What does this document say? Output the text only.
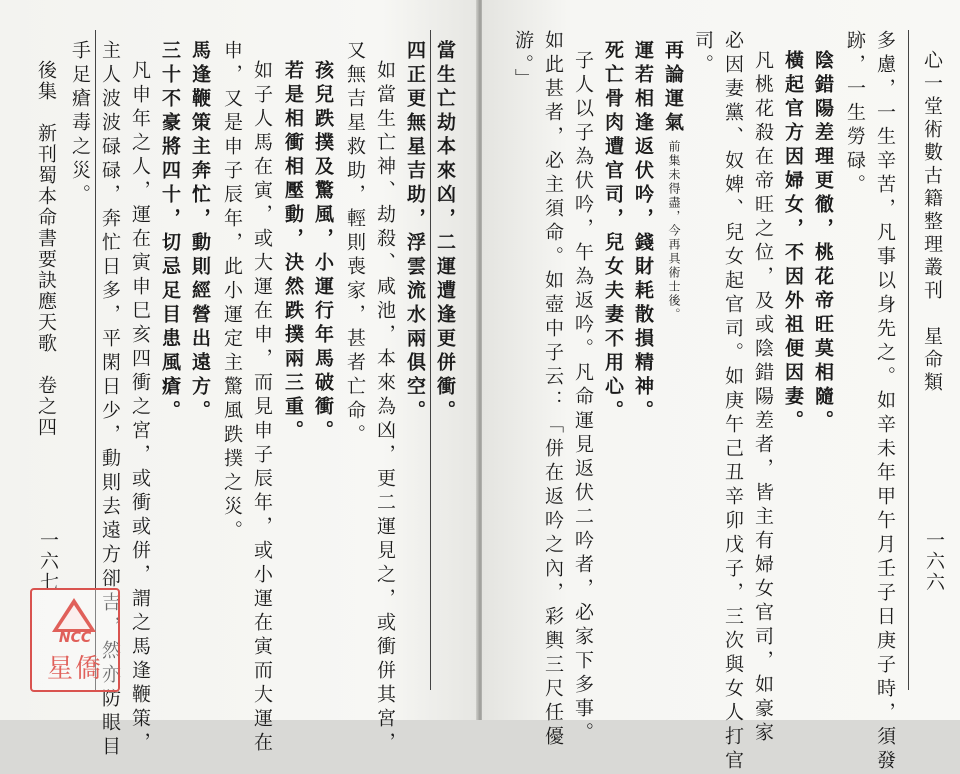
後集　新刊蜀本命書要訣應天歌　卷之四
一六七
當生亡劫本來凶，二運遭逢更併衝。
四正更無星吉助，浮雲流水兩俱空。
如當生亡神、劫殺、咸池，本來為凶，更二運見之，或衝併其宮，
又無吉星救助，輕則喪家，甚者亡命。
孩兒跌撲及驚風，小運行年馬破衝。
若是相衝相壓動，決然跌撲兩三重。
如子人馬在寅，或大運在申，而見申子辰年，或小運在寅而大運在
申，又是申子辰年，此小運定主驚風跌撲之災。
馬逢鞭策主奔忙，動則經營出遠方。
三十不豪將四十，切忌足目患風瘡。
凡申年之人，運在寅申巳亥四衝之宮，或衝或併，謂之馬逢鞭策，
主人波波碌碌，奔忙日多，平閑日少，動則去遠方卻吉，然亦防眼目
手足瘡毒之災。
NCC
星僑
心一堂術數古籍整理叢刊　星命類
一六六
多慮，一生辛苦，凡事以身先之。如辛未年甲午月壬子日庚子時，須發
跡，一生勞碌。
陰錯陽差理更徹，桃花帝旺莫相隨。
橫起官方因婦女，不因外祖便因妻。
凡桃花殺在帝旺之位，及或陰錯陽差者，皆主有婦女官司，如豪家
必因妻黨、奴婢、兒女起官司。如庚午己丑辛卯戊子，三次與女人打官
司。
再論運氣
前集未得盡，今再具術士後。
運若相逢返伏吟，錢財耗散損精神。
死亡骨肉遭官司，兒女夫妻不用心。
子人以子為伏吟，午為返吟。凡命運見返伏二吟者，必家下多事。
如此甚者，必主須命。如壺中子云：「併在返吟之內，彩輿三尺任優
游。」
